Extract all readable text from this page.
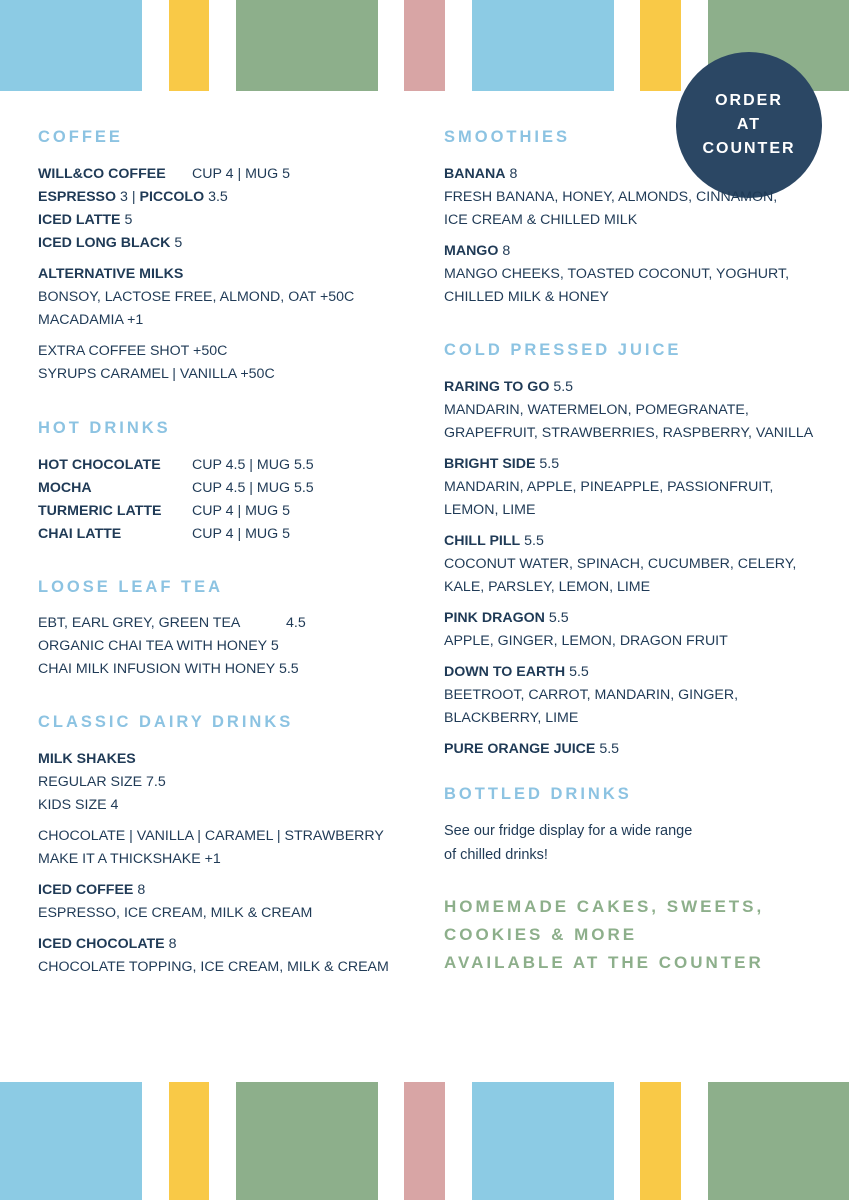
ORDER
AT
COUNTER
COFFEE
WILL&CO COFFEE CUP 4 | MUG 5
ESPRESSO 3 | PICCOLO 3.5
ICED LATTE 5
ICED LONG BLACK 5
ALTERNATIVE MILKS
BONSOY, LACTOSE FREE, ALMOND, OAT +50C
MACADAMIA +1
EXTRA COFFEE SHOT +50C
SYRUPS CARAMEL | VANILLA +50C
HOT DRINKS
HOT CHOCOLATE CUP 4.5 | MUG 5.5
MOCHA	CUP 4.5 | MUG 5.5
TURMERIC LATTE CUP 4 | MUG 5
CHAI LATTE	CUP 4 | MUG 5
LOOSE LEAF TEA
EBT, EARL GREY, GREEN TEA	4.5
ORGANIC CHAI TEA WITH HONEY 5
CHAI MILK INFUSION WITH HONEY 5.5
CLASSIC DAIRY DRINKS
MILK SHAKES
REGULAR SIZE 7.5
KIDS SIZE 4
CHOCOLATE | VANILLA | CARAMEL | STRAWBERRY
MAKE IT A THICKSHAKE +1
ICED COFFEE 8
ESPRESSO, ICE CREAM, MILK & CREAM
ICED CHOCOLATE 8
CHOCOLATE TOPPING, ICE CREAM, MILK & CREAM
SMOOTHIES
BANANA 8
FRESH BANANA, HONEY, ALMONDS, CINNAMON,
ICE CREAM & CHILLED MILK
MANGO 8
MANGO CHEEKS, TOASTED COCONUT, YOGHURT,
CHILLED MILK & HONEY
COLD PRESSED JUICE
RARING TO GO 5.5
MANDARIN, WATERMELON, POMEGRANATE,
GRAPEFRUIT, STRAWBERRIES, RASPBERRY, VANILLA
BRIGHT SIDE 5.5
MANDARIN, APPLE, PINEAPPLE, PASSIONFRUIT,
LEMON, LIME
CHILL PILL 5.5
COCONUT WATER, SPINACH, CUCUMBER, CELERY,
KALE, PARSLEY, LEMON, LIME
PINK DRAGON 5.5
APPLE, GINGER, LEMON, DRAGON FRUIT
DOWN TO EARTH 5.5
BEETROOT, CARROT, MANDARIN, GINGER,
BLACKBERRY, LIME
PURE ORANGE JUICE 5.5
BOTTLED DRINKS
See our fridge display for a wide range
of chilled drinks!
HOMEMADE CAKES, SWEETS,
COOKIES & MORE
AVAILABLE AT THE COUNTER
